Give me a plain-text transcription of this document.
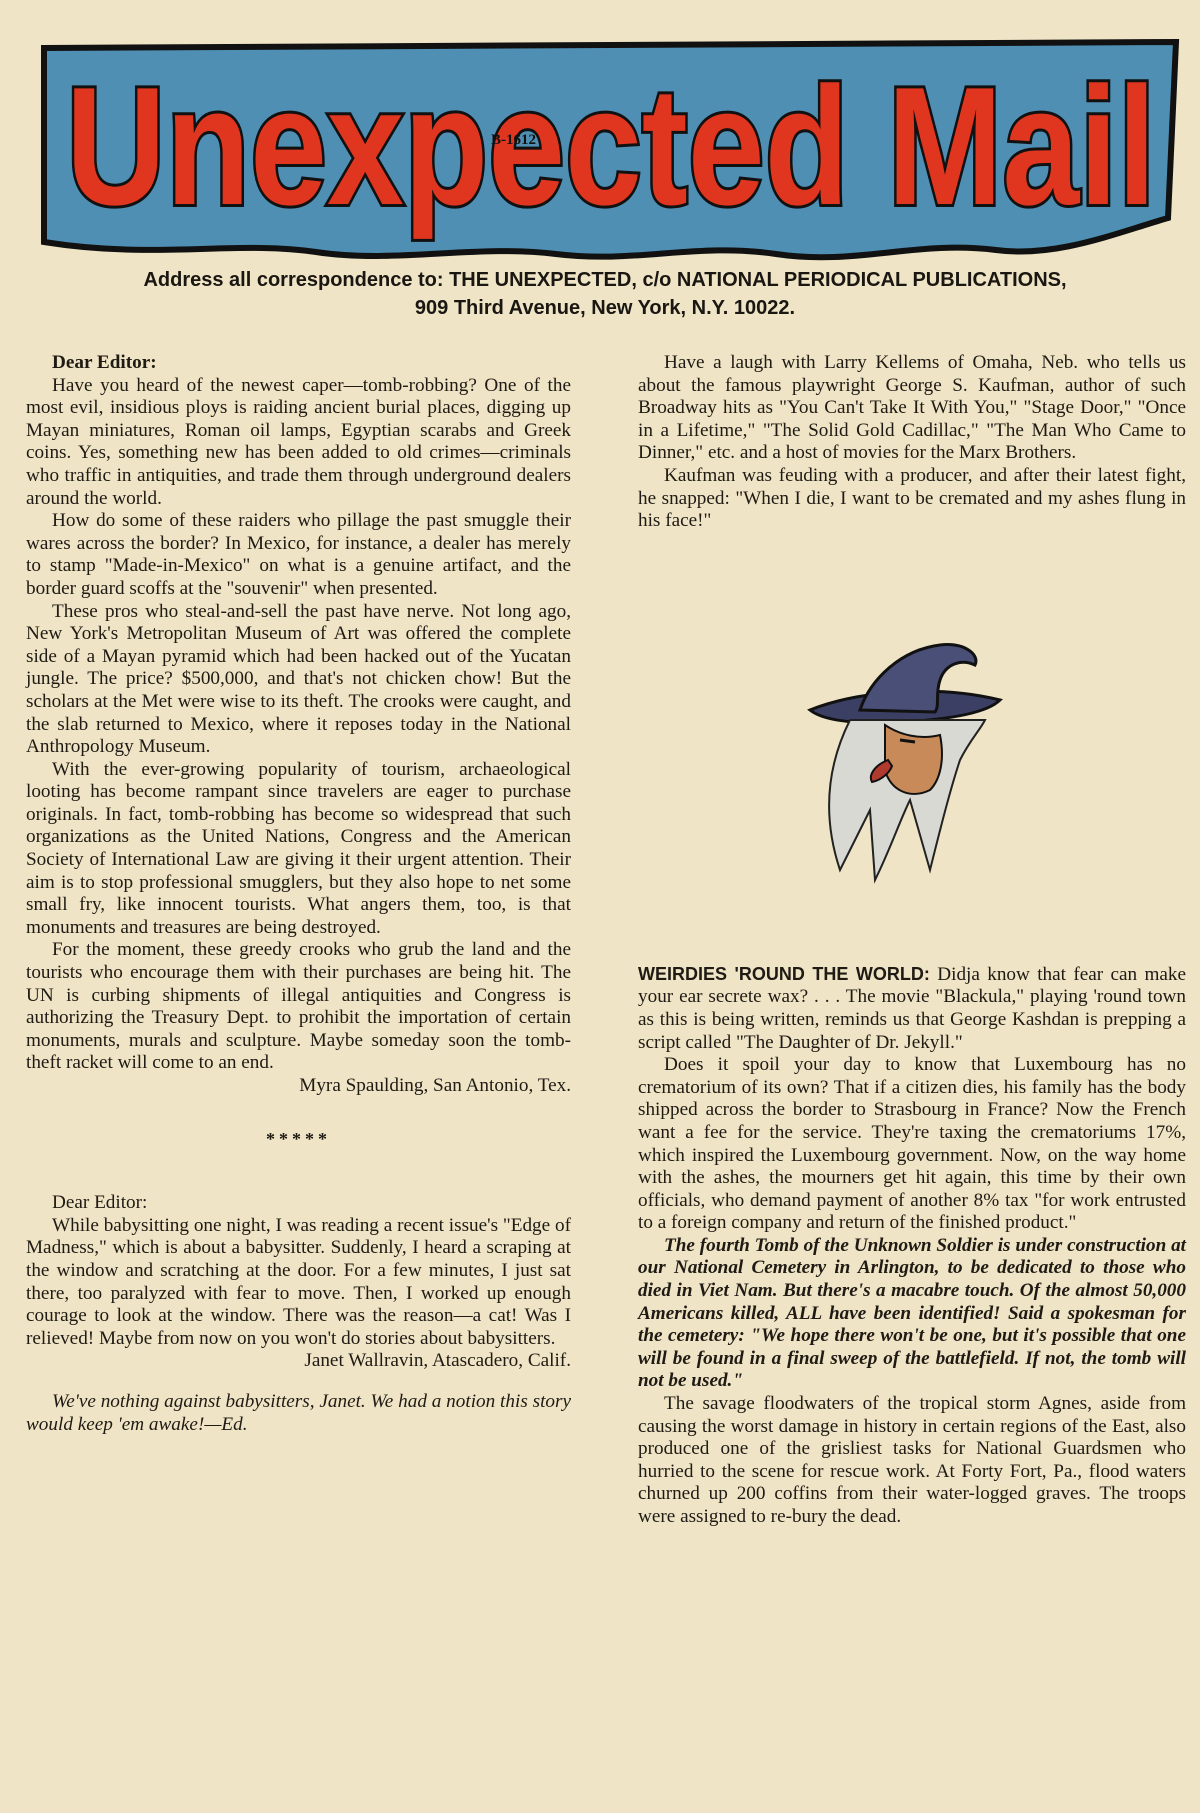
Unexpected Mail
B-1612
Address all correspondence to: THE UNEXPECTED, c/o NATIONAL PERIODICAL PUBLICATIONS,
909 Third Avenue, New York, N.Y. 10022.

Dear Editor:

Have you heard of the newest caper—tomb-robbing? One of the most evil, insidious ploys is raiding ancient burial places, digging up Mayan miniatures, Roman oil lamps, Egyptian scarabs and Greek coins. Yes, something new has been added to old crimes—criminals who traffic in antiquities, and trade them through underground dealers around the world.

How do some of these raiders who pillage the past smuggle their wares across the border? In Mexico, for instance, a dealer has merely to stamp "Made-in-Mexico" on what is a genuine artifact, and the border guard scoffs at the "souvenir" when presented.

These pros who steal-and-sell the past have nerve. Not long ago, New York's Metropolitan Museum of Art was offered the complete side of a Mayan pyramid which had been hacked out of the Yucatan jungle. The price? $500,000, and that's not chicken chow! But the scholars at the Met were wise to its theft. The crooks were caught, and the slab returned to Mexico, where it reposes today in the National Anthropology Museum.

With the ever-growing popularity of tourism, archaeological looting has become rampant since travelers are eager to purchase originals. In fact, tomb-robbing has become so widespread that such organizations as the United Nations, Congress and the American Society of International Law are giving it their urgent attention. Their aim is to stop professional smugglers, but they also hope to net some small fry, like innocent tourists. What angers them, too, is that monuments and treasures are being destroyed.

For the moment, these greedy crooks who grub the land and the tourists who encourage them with their purchases are being hit. The UN is curbing shipments of illegal antiquities and Congress is authorizing the Treasury Dept. to prohibit the importation of certain monuments, murals and sculpture. Maybe someday soon the tomb-theft racket will come to an end.

Myra Spaulding, San Antonio, Tex.

*****

Dear Editor:

While babysitting one night, I was reading a recent issue's "Edge of Madness," which is about a babysitter. Suddenly, I heard a scraping at the window and scratching at the door. For a few minutes, I just sat there, too paralyzed with fear to move. Then, I worked up enough courage to look at the window. There was the reason—a cat! Was I relieved! Maybe from now on you won't do stories about babysitters.

Janet Wallravin, Atascadero, Calif.

We've nothing against babysitters, Janet. We had a notion this story would keep 'em awake!—Ed.

Have a laugh with Larry Kellems of Omaha, Neb. who tells us about the famous playwright George S. Kaufman, author of such Broadway hits as "You Can't Take It With You," "Stage Door," "Once in a Lifetime," "The Solid Gold Cadillac," "The Man Who Came to Dinner," etc. and a host of movies for the Marx Brothers.

Kaufman was feuding with a producer, and after their latest fight, he snapped: "When I die, I want to be cremated and my ashes flung in his face!"

WEIRDIES 'ROUND THE WORLD: Didja know that fear can make your ear secrete wax? . . . The movie "Blackula," playing 'round town as this is being written, reminds us that George Kashdan is prepping a script called "The Daughter of Dr. Jekyll."

Does it spoil your day to know that Luxembourg has no crematorium of its own? That if a citizen dies, his family has the body shipped across the border to Strasbourg in France? Now the French want a fee for the service. They're taxing the crematoriums 17%, which inspired the Luxembourg government. Now, on the way home with the ashes, the mourners get hit again, this time by their own officials, who demand payment of another 8% tax "for work entrusted to a foreign company and return of the finished product."

The fourth Tomb of the Unknown Soldier is under construction at our National Cemetery in Arlington, to be dedicated to those who died in Viet Nam. But there's a macabre touch. Of the almost 50,000 Americans killed, ALL have been identified! Said a spokesman for the cemetery: "We hope there won't be one, but it's possible that one will be found in a final sweep of the battlefield. If not, the tomb will not be used."

The savage floodwaters of the tropical storm Agnes, aside from causing the worst damage in history in certain regions of the East, also produced one of the grisliest tasks for National Guardsmen who hurried to the scene for rescue work. At Forty Fort, Pa., flood waters churned up 200 coffins from their water-logged graves. The troops were assigned to re-bury the dead.
